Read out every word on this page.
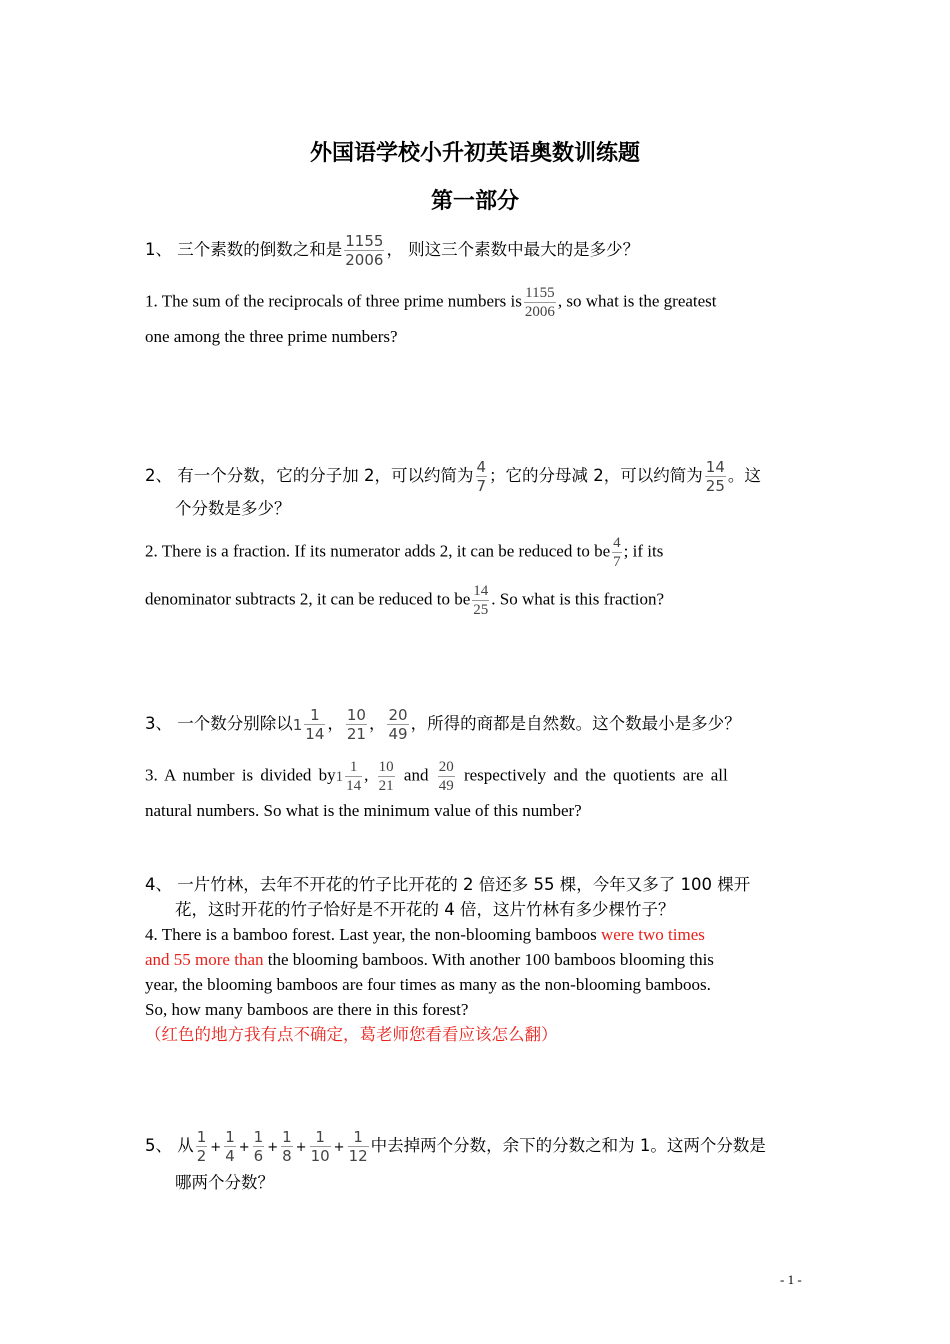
外国语学校小升初英语奥数训练题
第一部分
1、 三个素数的倒数之和是 $\frac{1155}{2006}$ ， 则这三个素数中最大的是多少？
1. The sum of the reciprocals of three prime numbers is $\frac{1155}{2006}$ , so what is the greatest
one among the three prime numbers?
2、 有一个分数，它的分子加 2，可以约简为 $\frac{4}{7}$ ；它的分母减 2，可以约简为 $\frac{14}{25}$ 。这
个分数是多少？
2. There is a fraction. If its numerator adds 2, it can be reduced to be $\frac{4}{7}$ ; if its
denominator subtracts 2, it can be reduced to be $\frac{14}{25}$ . So what is this fraction?
3、 一个数分别除以$1 \frac{1}{14}$ ， $\frac{10}{21}$ ， $\frac{20}{49}$ ，所得的商都是自然数。这个数最小是多少？
3. A number is divided $by1 \frac{1}{14}$ , $\frac{10}{21}$ and $\frac{20}{49}$ respectively and the quotients are all
natural numbers. So what is the minimum value of this number?
4、 一片竹林，去年不开花的竹子比开花的 2 倍还多 55 棵，今年又多了 100 棵开
花，这时开花的竹子恰好是不开花的 4 倍，这片竹林有多少棵竹子？
4. There is a bamboo forest. Last year, the non-blooming bamboos were two times
and 55 more than the blooming bamboos. With another 100 bamboos blooming this
year, the blooming bamboos are four times as many as the non-blooming bamboos.
So, how many bamboos are there in this forest?
（红色的地方我有点不确定，葛老师您看看应该怎么翻）
5、 从 $\frac{1}{2} + \frac{1}{4} + \frac{1}{6} + \frac{1}{8} + \frac{1}{10} + \frac{1}{12}$ 中去掉两个分数，余下的分数之和为 1。这两个分数是
哪两个分数？
- 1 -
